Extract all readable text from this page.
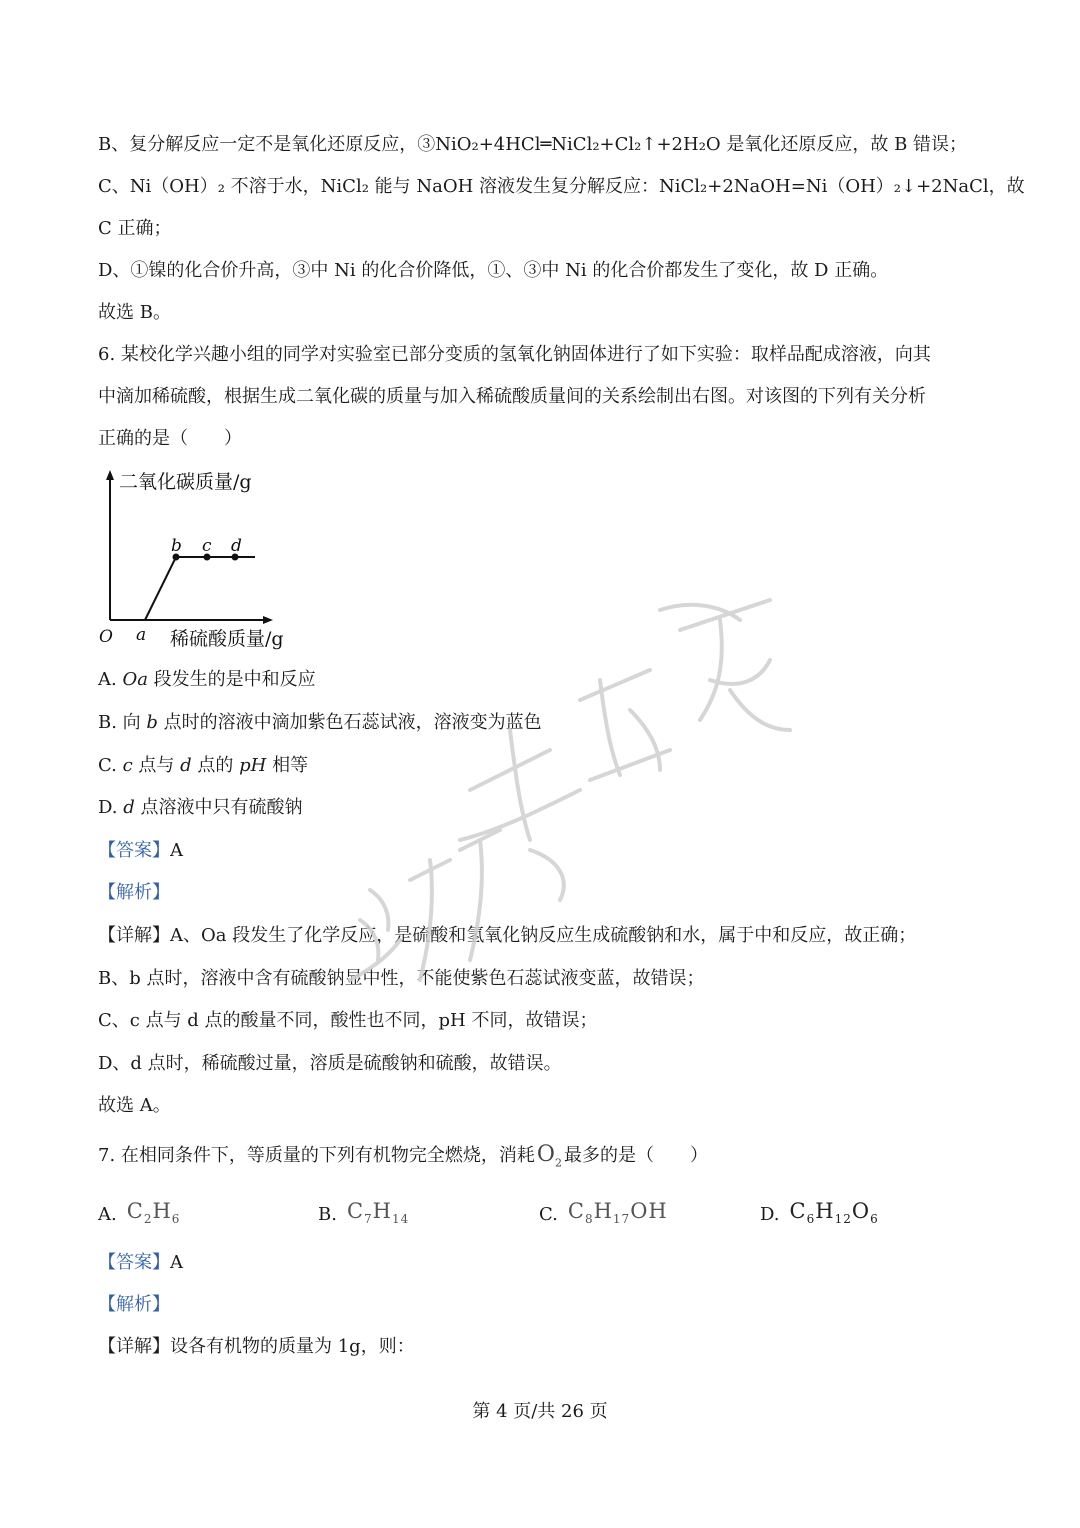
B、复分解反应一定不是氧化还原反应，③NiO₂+4HCl═NiCl₂+Cl₂↑+2H₂O 是氧化还原反应，故 B 错误；
C、Ni（OH）₂ 不溶于水，NiCl₂ 能与 NaOH 溶液发生复分解反应：NiCl₂+2NaOH=Ni（OH）₂↓+2NaCl，故
C 正确；
D、①镍的化合价升高，③中 Ni 的化合价降低，①、③中 Ni 的化合价都发生了变化，故 D 正确。
故选 B。
6. 某校化学兴趣小组的同学对实验室已部分变质的氢氧化钠固体进行了如下实验：取样品配成溶液，向其
中滴加稀硫酸，根据生成二氧化碳的质量与加入稀硫酸质量间的关系绘制出右图。对该图的下列有关分析
正确的是（　　）
二氧化碳质量/g
稀硫酸质量/g
O a
b c d
A. Oa 段发生的是中和反应
B. 向 b 点时的溶液中滴加紫色石蕊试液，溶液变为蓝色
C. c 点与 d 点的 pH 相等
D. d 点溶液中只有硫酸钠
【答案】A
【解析】
【详解】A、Oa 段发生了化学反应，是硫酸和氢氧化钠反应生成硫酸钠和水，属于中和反应，故正确；
B、b 点时，溶液中含有硫酸钠显中性，不能使紫色石蕊试液变蓝，故错误；
C、c 点与 d 点的酸量不同，酸性也不同，pH 不同，故错误；
D、d 点时，稀硫酸过量，溶质是硫酸钠和硫酸，故错误。
故选 A。
7. 在相同条件下，等质量的下列有机物完全燃烧，消耗$O_2$ 最多的是（　　）
A. $C_2H_6$	B. $C_7H_{14}$	C. $C_8H_{17}OH$	D. $C_6H_{12}O_6$
【答案】A
【解析】
【详解】设各有机物的质量为 1g，则：
第 4 页/共 26 页
